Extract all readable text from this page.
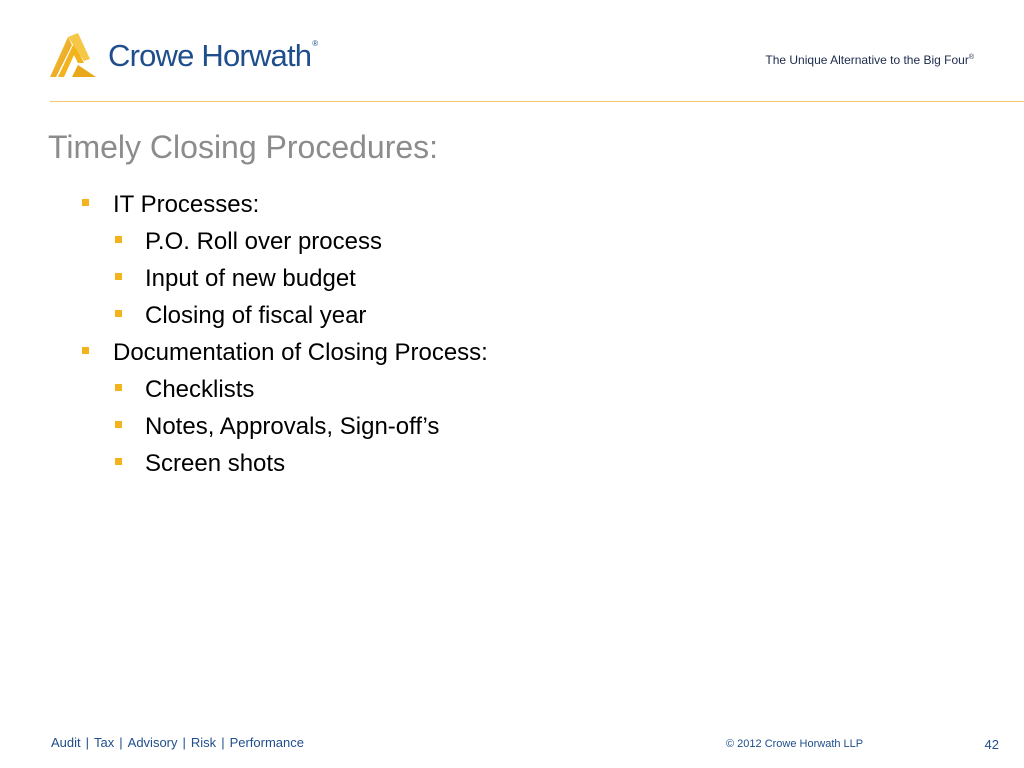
Crowe Horwath®
The Unique Alternative to the Big Four®
Timely Closing Procedures:
IT Processes:
P.O. Roll over process
Input of new budget
Closing of fiscal year
Documentation of Closing Process:
Checklists
Notes, Approvals, Sign-off’s
Screen shots
Audit | Tax | Advisory | Risk | Performance	© 2012 Crowe Horwath LLP	42
